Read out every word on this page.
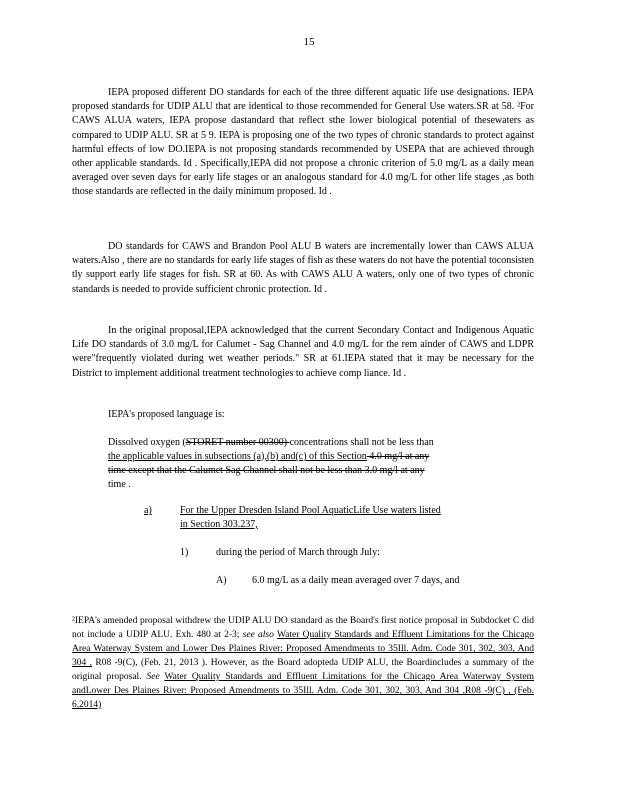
15

IEPA proposed different DO standards for each of the three different aquatic life use designations. IEPA proposed standards for UDIP ALU that are identical to those recommended for General Use waters.SR at 58. ²For CAWS ALUA waters, IEPA propose dastandard that reflect sthe lower biological potential of thesewaters as compared to UDIP ALU. SR at 5 9. IEPA is proposing one of the two types of chronic standards to protect against harmful effects of low DO.IEPA is not proposing standards recommended by USEPA that are achieved through other applicable standards. Id . Specifically,IEPA did not propose a chronic criterion of 5.0 mg/L as a daily mean averaged over seven days for early life stages or an analogous standard for 4.0 mg/L for other life stages ,as both those standards are reflected in the daily minimum proposed. Id .

DO standards for CAWS and Brandon Pool ALU B waters are incrementally lower than CAWS ALUA waters.Also , there are no standards for early life stages of fish as these waters do not have the potential toconsisten tly support early life stages for fish. SR at 60. As with CAWS ALU A waters, only one of two types of chronic standards is needed to provide sufficient chronic protection. Id .

In the original proposal,IEPA acknowledged that the current Secondary Contact and Indigenous Aquatic Life DO standards of 3.0 mg/L for Calumet - Sag Channel and 4.0 mg/L for the rem ainder of CAWS and LDPR were"frequently violated during wet weather periods." SR at 61.IEPA stated that it may be necessary for the District to implement additional treatment technologies to achieve comp liance. Id .

IEPA's proposed language is:

Dissolved oxygen (STORET number 00300) concentrations shall not be less than
the applicable values in subsections (a),(b) and(c) of this Section 4.0 mg/l at any
time except that the Calumet Sag Channel shall not be less than 3.0 mg/l at any
time .
a)	For the Upper Dresden Island Pool AquaticLife Use waters listed
in Section 303.237,
1)	during the period of March through July:
A)	6.0 mg/L as a daily mean averaged over 7 days, and

²IEPA's amended proposal withdrew the UDIP ALU DO standard as the Board's first notice proposal in Subdocket C did not include a UDIP ALU. Exh. 480 at 2-3; see also Water Quality Standards and Effluent Limitations for the Chicago Area Waterway System and Lower Des Plaines River: Proposed Amendments to 35Ill. Adm. Code 301, 302, 303, And 304 , R08 -9(C), (Feb. 21, 2013 ). However, as the Board adopteda UDIP ALU, the Boardincludes a summary of the original proposal. See Water Quality Standards and Effluent Limitations for the Chicago Area Waterway System andLower Des Plaines River: Proposed Amendments to 35Ill. Adm. Code 301, 302, 303, And 304 ,R08 -9(C) , (Feb. 6,2014)
